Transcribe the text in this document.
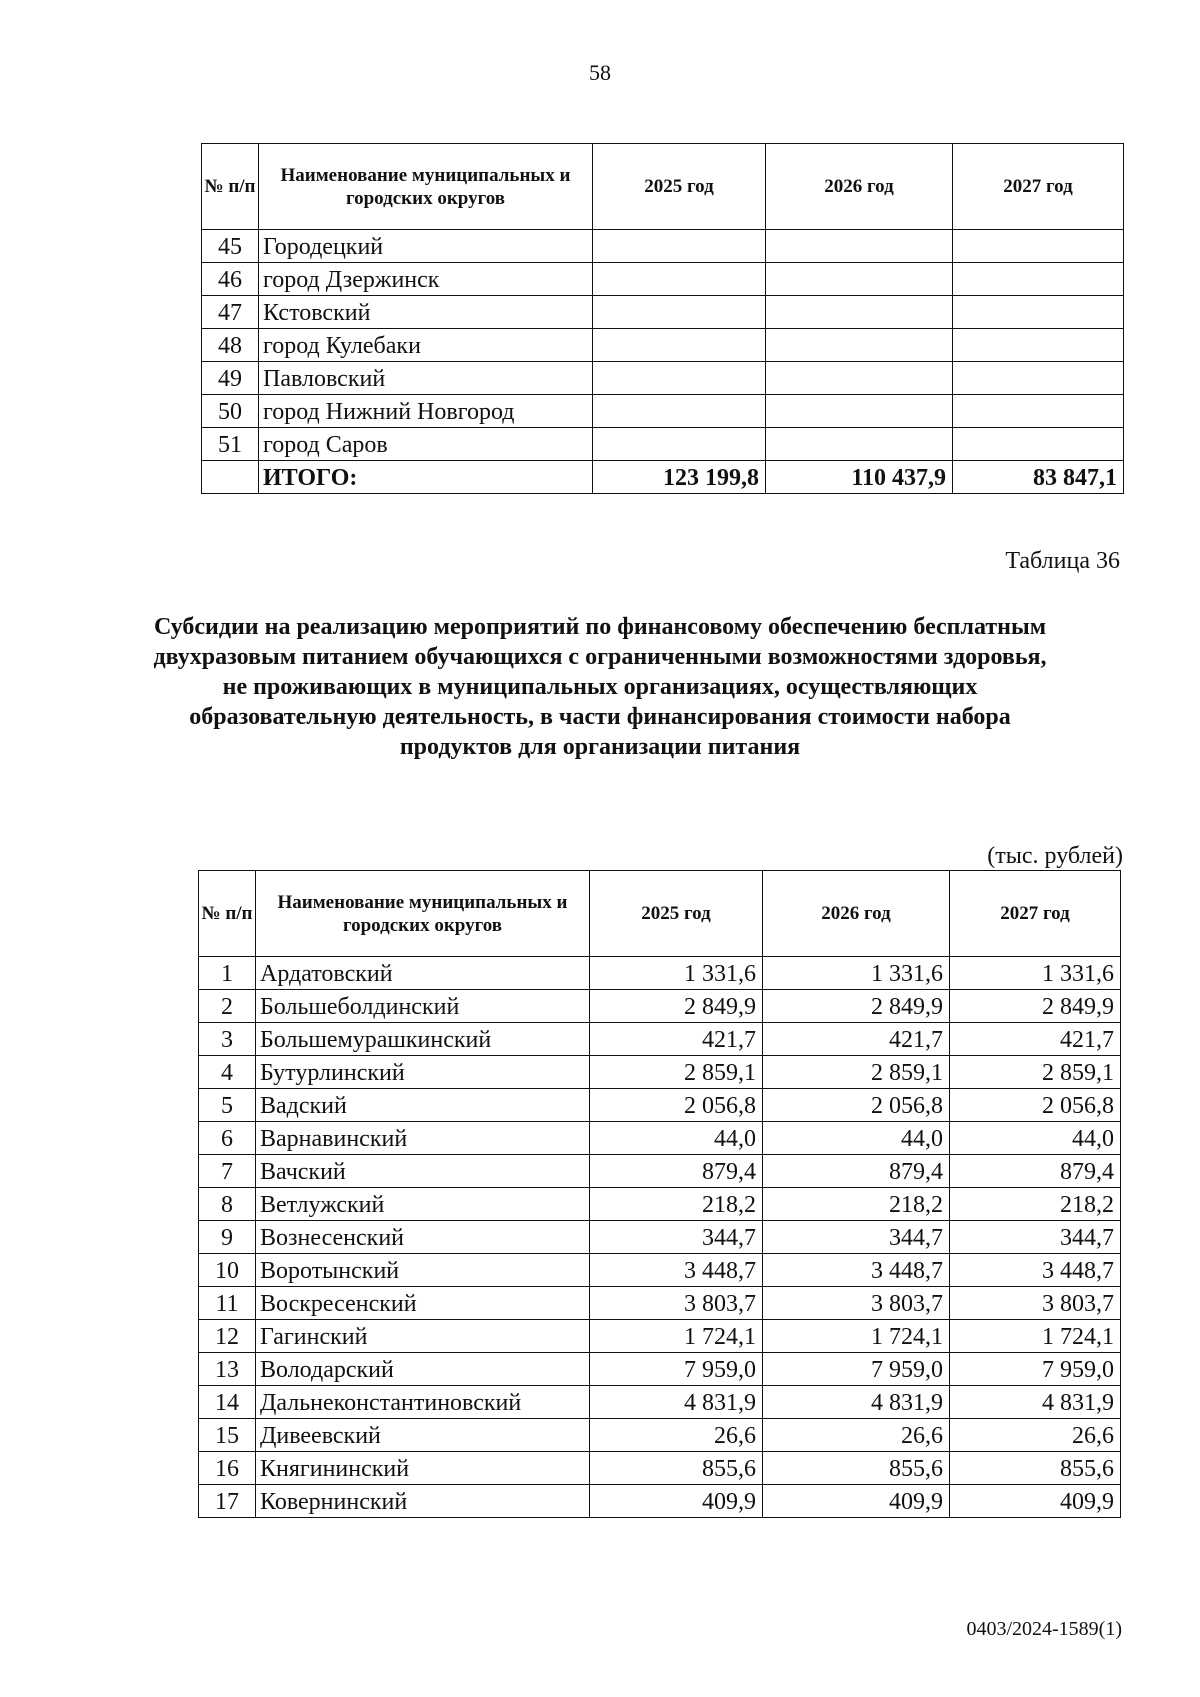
58
№ п/п	Наименование муниципальных и городских округов	2025 год	2026 год	2027 год
45	Городецкий			
46	город Дзержинск			
47	Кстовский			
48	город Кулебаки			
49	Павловский			
50	город Нижний Новгород			
51	город Саров			
	ИТОГО:	123 199,8	110 437,9	83 847,1
Таблица 36
Субсидии на реализацию мероприятий по финансовому обеспечению бесплатным двухразовым питанием обучающихся с ограниченными возможностями здоровья, не проживающих в муниципальных организациях, осуществляющих образовательную деятельность, в части финансирования стоимости набора продуктов для организации питания
(тыс. рублей)
№ п/п	Наименование муниципальных и городских округов	2025 год	2026 год	2027 год
1	Ардатовский	1 331,6	1 331,6	1 331,6
2	Большеболдинский	2 849,9	2 849,9	2 849,9
3	Большемурашкинский	421,7	421,7	421,7
4	Бутурлинский	2 859,1	2 859,1	2 859,1
5	Вадский	2 056,8	2 056,8	2 056,8
6	Варнавинский	44,0	44,0	44,0
7	Вачский	879,4	879,4	879,4
8	Ветлужский	218,2	218,2	218,2
9	Вознесенский	344,7	344,7	344,7
10	Воротынский	3 448,7	3 448,7	3 448,7
11	Воскресенский	3 803,7	3 803,7	3 803,7
12	Гагинский	1 724,1	1 724,1	1 724,1
13	Володарский	7 959,0	7 959,0	7 959,0
14	Дальнеконстантиновский	4 831,9	4 831,9	4 831,9
15	Дивеевский	26,6	26,6	26,6
16	Княгининский	855,6	855,6	855,6
17	Ковернинский	409,9	409,9	409,9
0403/2024-1589(1)
